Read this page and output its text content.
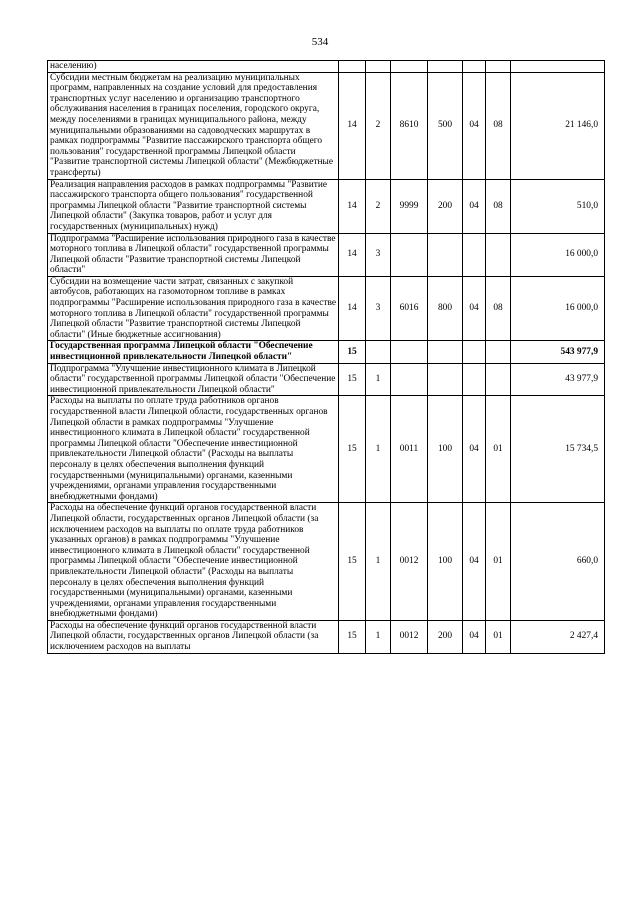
534
населению)							
Субсидии местным бюджетам на реализацию муниципальных программ, направленных на создание условий для предоставления транспортных услуг населению и организацию транспортного обслуживания населения в границах поселения, городского округа, между поселениями в границах муниципального района, между муниципальными образованиями на садоводческих маршрутах в рамках подпрограммы "Развитие пассажирского транспорта общего пользования" государственной программы Липецкой области "Развитие транспортной системы Липецкой области" (Межбюджетные трансферты)	14	2	8610	500	04	08	21 146,0
Реализация направления расходов в рамках подпрограммы "Развитие пассажирского транспорта общего пользования" государственной программы Липецкой области "Развитие транспортной системы Липецкой области" (Закупка товаров, работ и услуг для государственных (муниципальных) нужд)	14	2	9999	200	04	08	510,0
Подпрограмма "Расширение использования природного газа в качестве моторного топлива в Липецкой области" государственной программы Липецкой области "Развитие транспортной системы Липецкой области"	14	3					16 000,0
Субсидии на возмещение части затрат, связанных с закупкой автобусов, работающих на газомоторном топливе в рамках подпрограммы "Расширение использования природного газа в качестве моторного топлива в Липецкой области" государственной программы Липецкой области "Развитие транспортной системы Липецкой области" (Иные бюджетные ассигнования)	14	3	6016	800	04	08	16 000,0
Государственная программа Липецкой области "Обеспечение инвестиционной привлекательности Липецкой области"	15						543 977,9
Подпрограмма "Улучшение инвестиционного климата в Липецкой области" государственной программы Липецкой области "Обеспечение инвестиционной привлекательности Липецкой области"	15	1					43 977,9
Расходы на выплаты по оплате труда работников органов государственной власти Липецкой области, государственных органов Липецкой области в рамках подпрограммы "Улучшение инвестиционного климата в Липецкой области" государственной программы Липецкой области "Обеспечение инвестиционной привлекательности Липецкой области" (Расходы на выплаты персоналу в целях обеспечения выполнения функций государственными (муниципальными) органами, казенными учреждениями, органами управления государственными внебюджетными фондами)	15	1	0011	100	04	01	15 734,5
Расходы на обеспечение функций органов государственной власти Липецкой области, государственных органов Липецкой области (за исключением расходов на выплаты по оплате труда работников указанных органов) в рамках подпрограммы "Улучшение инвестиционного климата в Липецкой области" государственной программы Липецкой области "Обеспечение инвестиционной привлекательности Липецкой области" (Расходы на выплаты персоналу в целях обеспечения выполнения функций государственными (муниципальными) органами, казенными учреждениями, органами управления государственными внебюджетными фондами)	15	1	0012	100	04	01	660,0
Расходы на обеспечение функций органов государственной власти Липецкой области, государственных органов Липецкой области (за исключением расходов на выплаты	15	1	0012	200	04	01	2 427,4
